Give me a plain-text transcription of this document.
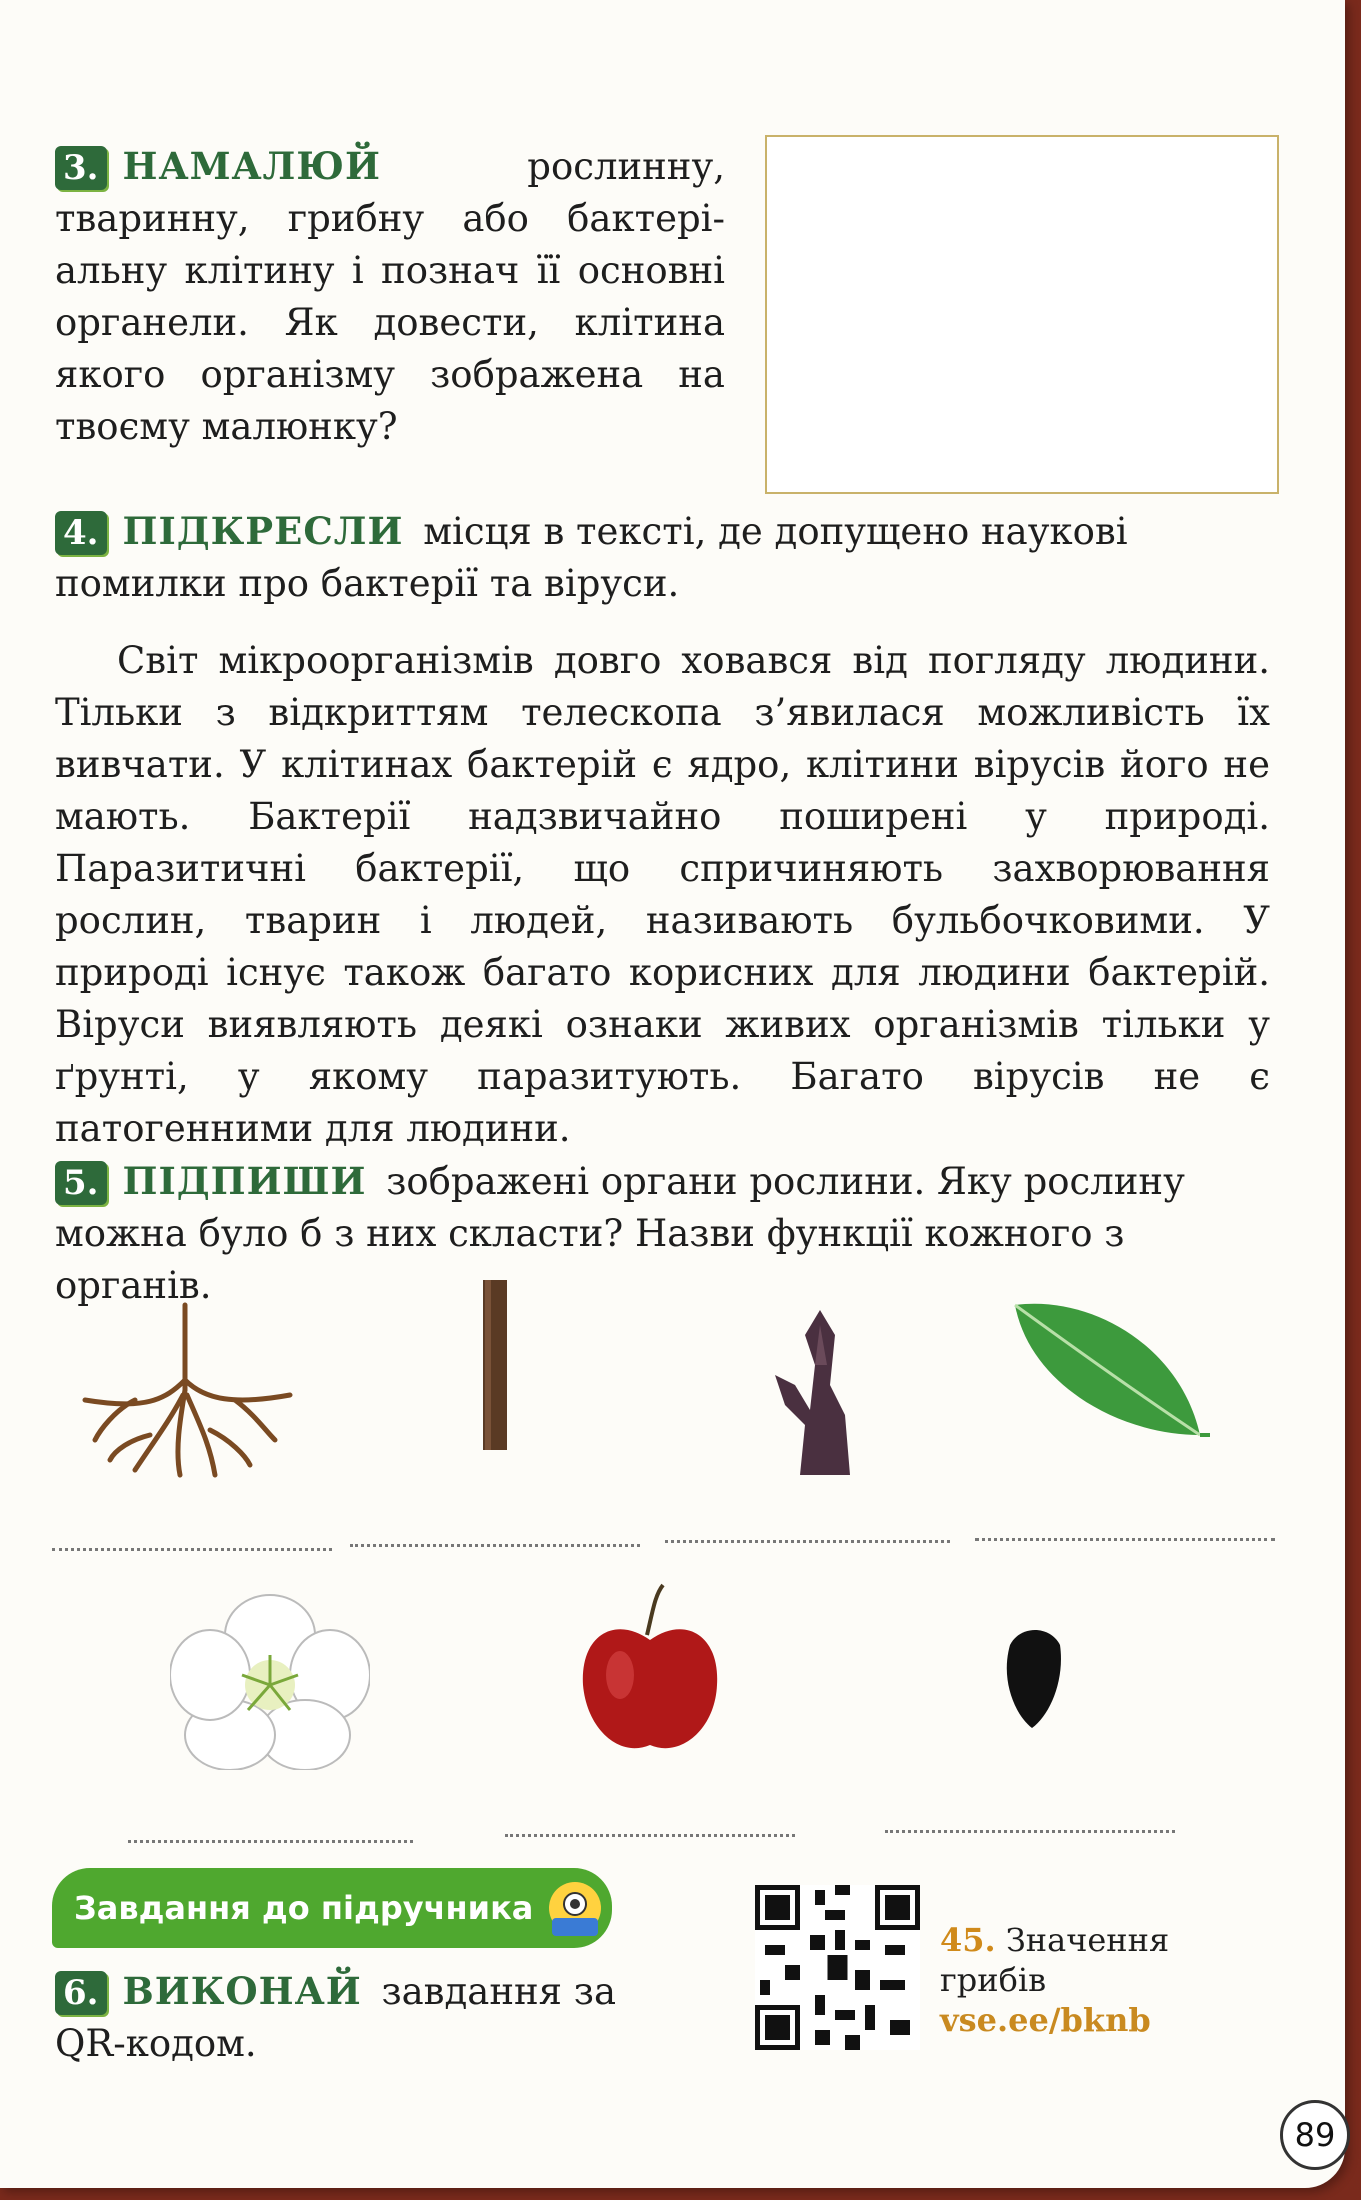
3. НАМАЛЮЙ	рослинну, тваринну, грибну або бактеріальну клітину і познач її основні органели. Як довести, клітина якого організму зображена на твоєму малюнку?
4. ПІДКРЕСЛИ місця в тексті, де допущено наукові помилки про бактерії та віруси.
Світ мікроорганізмів довго ховався від погляду людини. Тільки з відкриттям телескопа з’явилася можливість їх вивчати. У клітинах бактерій є ядро, клітини вірусів його не мають. Бактерії надзвичайно поширені у природі. Паразитичні бактерії, що спричиняють захворювання рослин, тварин і людей, називають бульбочковими. У природі існує також багато корисних для людини бактерій. Віруси виявляють деякі ознаки живих організмів тільки у ґрунті, у якому паразитують. Багато вірусів не є патогенними для людини.
5. ПІДПИШИ зображені органи рослини. Яку рослину можна було б з них скласти? Назви функції кожного з органів.
Завдання до підручника
6. ВИКОНАЙ завдання за QR-кодом.
45. Значення
грибів
vse.ee/bknb
89
